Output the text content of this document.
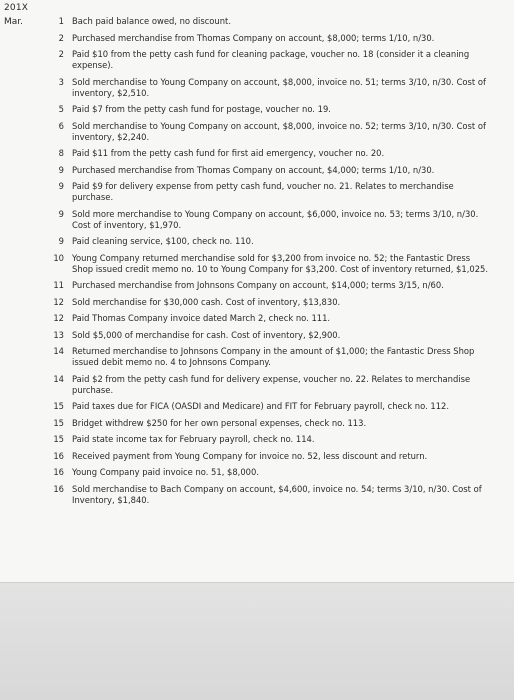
201X
Mar.	1 Bach paid balance owed, no discount.
2 Purchased merchandise from Thomas Company on account, $8,000; terms 1/10, n/30.
2 Paid $10 from the petty cash fund for cleaning package, voucher no. 18 (consider it a cleaning expense).
3 Sold merchandise to Young Company on account, $8,000, invoice no. 51; terms 3/10, n/30. Cost of inventory, $2,510.
5 Paid $7 from the petty cash fund for postage, voucher no. 19.
6 Sold merchandise to Young Company on account, $8,000, invoice no. 52; terms 3/10, n/30. Cost of inventory, $2,240.
8 Paid $11 from the petty cash fund for first aid emergency, voucher no. 20.
9 Purchased merchandise from Thomas Company on account, $4,000; terms 1/10, n/30.
9 Paid $9 for delivery expense from petty cash fund, voucher no. 21. Relates to merchandise purchase.
9 Sold more merchandise to Young Company on account, $6,000, invoice no. 53; terms 3/10, n/30. Cost of inventory, $1,970.
9 Paid cleaning service, $100, check no. 110.
10 Young Company returned merchandise sold for $3,200 from invoice no. 52; the Fantastic Dress Shop issued credit memo no. 10 to Young Company for $3,200. Cost of inventory returned, $1,025.
11 Purchased merchandise from Johnsons Company on account, $14,000; terms 3/15, n/60.
12 Sold merchandise for $30,000 cash. Cost of inventory, $13,830.
12 Paid Thomas Company invoice dated March 2, check no. 111.
13 Sold $5,000 of merchandise for cash. Cost of inventory, $2,900.
14 Returned merchandise to Johnsons Company in the amount of $1,000; the Fantastic Dress Shop issued debit memo no. 4 to Johnsons Company.
14 Paid $2 from the petty cash fund for delivery expense, voucher no. 22. Relates to merchandise purchase.
15 Paid taxes due for FICA (OASDI and Medicare) and FIT for February payroll, check no. 112.
15 Bridget withdrew $250 for her own personal expenses, check no. 113.
15 Paid state income tax for February payroll, check no. 114.
16 Received payment from Young Company for invoice no. 52, less discount and return.
16 Young Company paid invoice no. 51, $8,000.
16 Sold merchandise to Bach Company on account, $4,600, invoice no. 54; terms 3/10, n/30. Cost of Inventory, $1,840.
